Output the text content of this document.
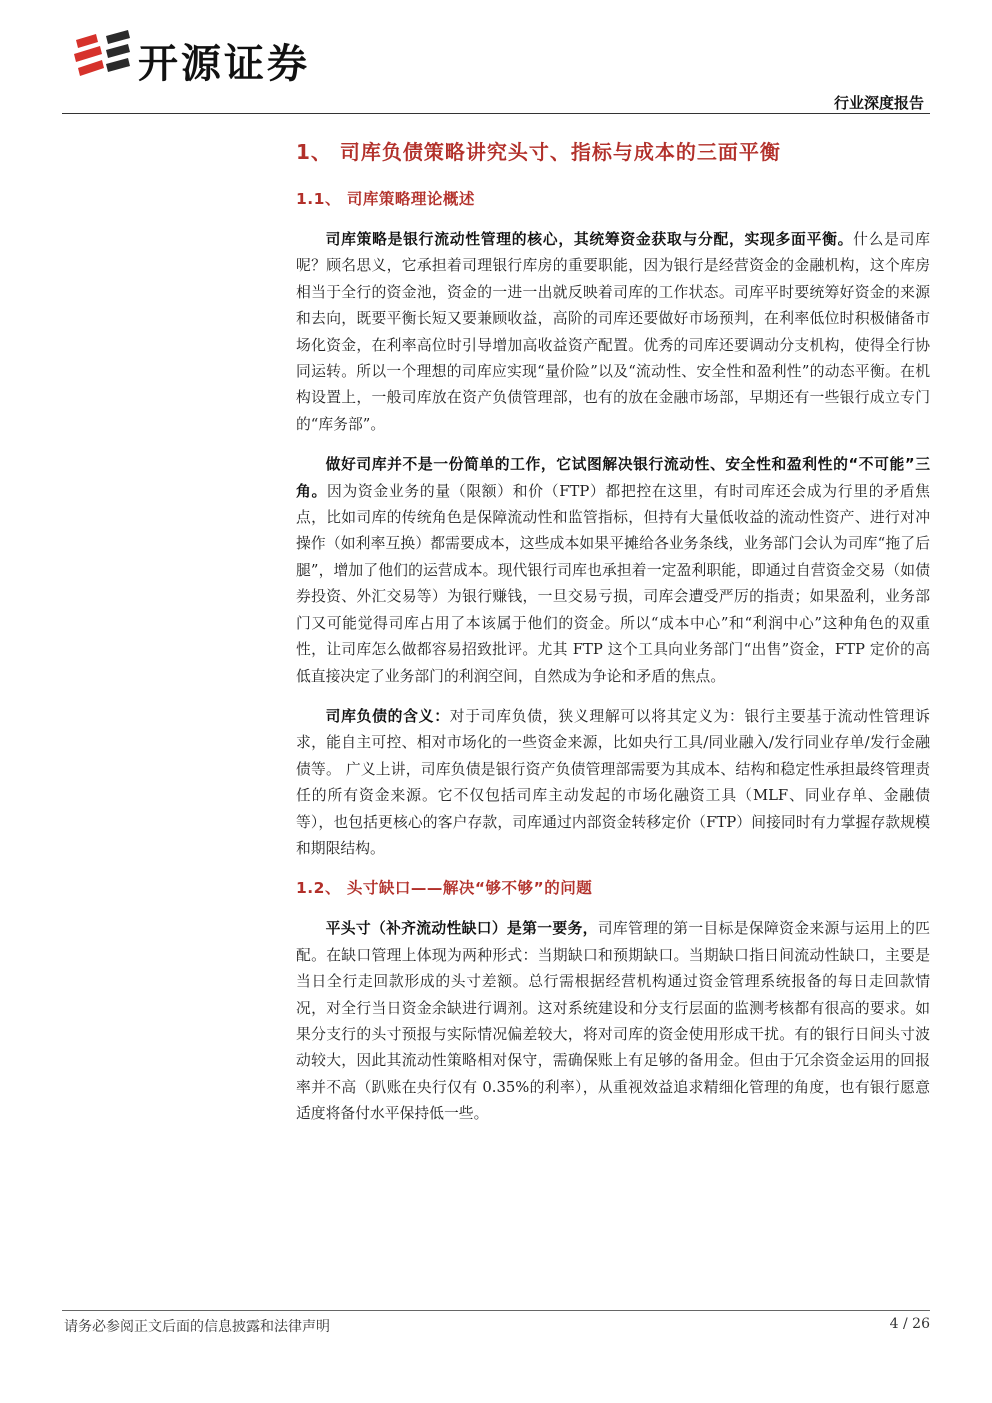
开源证券
行业深度报告
1、 司库负债策略讲究头寸、指标与成本的三面平衡
1.1、 司库策略理论概述

司库策略是银行流动性管理的核心，其统筹资金获取与分配，实现多面平衡。什么是司库呢？顾名思义，它承担着司理银行库房的重要职能，因为银行是经营资金的金融机构，这个库房相当于全行的资金池，资金的一进一出就反映着司库的工作状态。司库平时要统筹好资金的来源和去向，既要平衡长短又要兼顾收益，高阶的司库还要做好市场预判，在利率低位时积极储备市场化资金，在利率高位时引导增加高收益资产配置。优秀的司库还要调动分支机构，使得全行协同运转。所以一个理想的司库应实现“量价险”以及“流动性、安全性和盈利性”的动态平衡。在机构设置上，一般司库放在资产负债管理部，也有的放在金融市场部，早期还有一些银行成立专门的“库务部”。

做好司库并不是一份简单的工作，它试图解决银行流动性、安全性和盈利性的“不可能”三角。因为资金业务的量（限额）和价（FTP）都把控在这里，有时司库还会成为行里的矛盾焦点，比如司库的传统角色是保障流动性和监管指标，但持有大量低收益的流动性资产、进行对冲操作（如利率互换）都需要成本，这些成本如果平摊给各业务条线，业务部门会认为司库“拖了后腿”，增加了他们的运营成本。现代银行司库也承担着一定盈利职能，即通过自营资金交易（如债券投资、外汇交易等）为银行赚钱，一旦交易亏损，司库会遭受严厉的指责；如果盈利，业务部门又可能觉得司库占用了本该属于他们的资金。所以“成本中心”和“利润中心”这种角色的双重性，让司库怎么做都容易招致批评。尤其 FTP 这个工具向业务部门“出售”资金，FTP 定价的高低直接决定了业务部门的利润空间，自然成为争论和矛盾的焦点。

司库负债的含义：对于司库负债，狭义理解可以将其定义为：银行主要基于流动性管理诉求，能自主可控、相对市场化的一些资金来源，比如央行工具/同业融入/发行同业存单/发行金融债等。 广义上讲，司库负债是银行资产负债管理部需要为其成本、结构和稳定性承担最终管理责任的所有资金来源。它不仅包括司库主动发起的市场化融资工具（MLF、同业存单、金融债等），也包括更核心的客户存款，司库通过内部资金转移定价（FTP）间接同时有力掌握存款规模和期限结构。

1.2、 头寸缺口——解决“够不够”的问题

平头寸（补齐流动性缺口）是第一要务，司库管理的第一目标是保障资金来源与运用上的匹配。在缺口管理上体现为两种形式：当期缺口和预期缺口。当期缺口指日间流动性缺口，主要是当日全行走回款形成的头寸差额。总行需根据经营机构通过资金管理系统报备的每日走回款情况，对全行当日资金余缺进行调剂。这对系统建设和分支行层面的监测考核都有很高的要求。如果分支行的头寸预报与实际情况偏差较大，将对司库的资金使用形成干扰。有的银行日间头寸波动较大，因此其流动性策略相对保守，需确保账上有足够的备用金。但由于冗余资金运用的回报率并不高（趴账在央行仅有 0.35%的利率），从重视效益追求精细化管理的角度，也有银行愿意适度将备付水平保持低一些。

请务必参阅正文后面的信息披露和法律声明	4 / 26
